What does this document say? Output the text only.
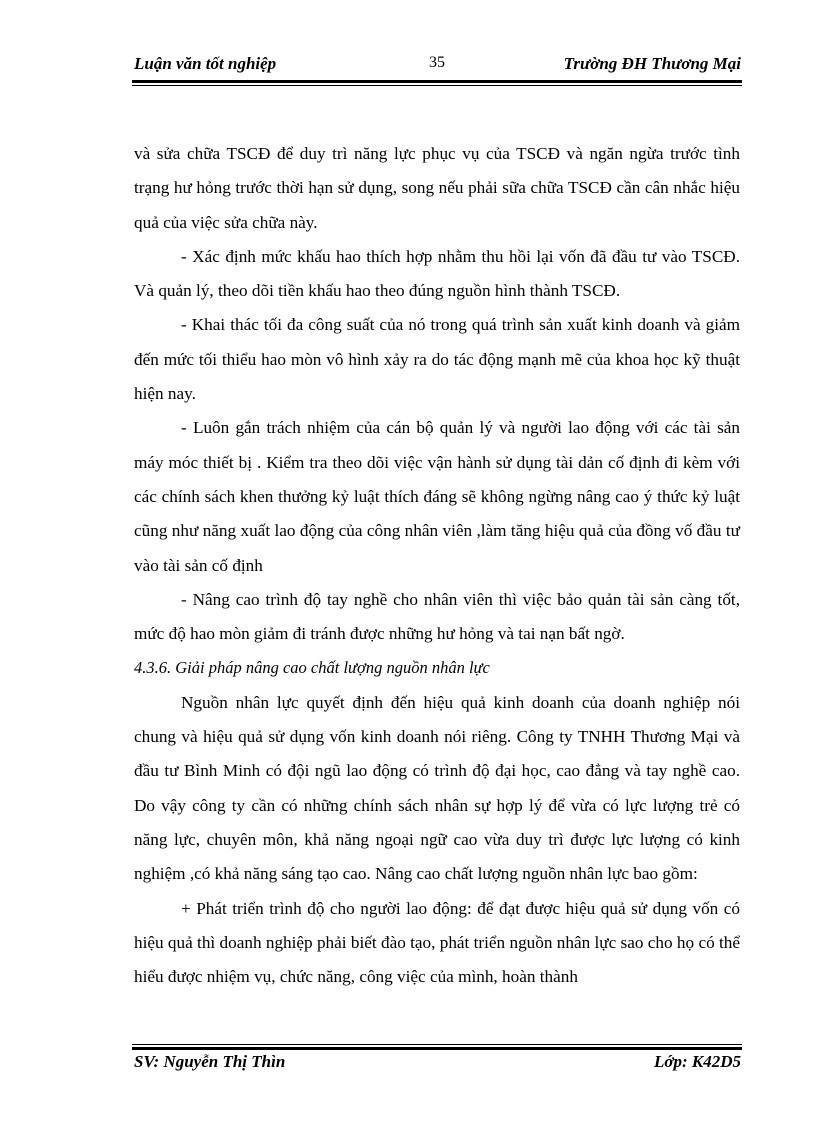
Luận văn tốt nghiệp	35	Trường ĐH Thương Mại

và sửa chữa TSCĐ để duy trì năng lực phục vụ của TSCĐ và ngăn ngừa trước tình trạng hư hỏng trước thời hạn sử dụng, song nếu phải sữa chữa TSCĐ cần cân nhắc hiệu quả của việc sửa chữa này.

- Xác định mức khấu hao thích hợp nhằm thu hồi lại vốn đã đầu tư vào TSCĐ. Và quản lý, theo dõi tiền khấu hao theo đúng nguồn hình thành TSCĐ.

- Khai thác tối đa công suất của nó trong quá trình sản xuất kinh doanh và giảm đến mức tối thiểu hao mòn vô hình xảy ra do tác động mạnh mẽ của khoa học kỹ thuật hiện nay.

- Luôn gắn trách nhiệm của cán bộ quản lý và người lao động với các tài sản máy móc thiết bị . Kiểm tra theo dõi việc vận hành sử dụng tài dản cố định đi kèm với các chính sách khen thưởng kỷ luật thích đáng sẽ không ngừng nâng cao ý thức kỷ luật cũng như năng xuất lao động của công nhân viên ,làm tăng hiệu quả của đồng vố đầu tư vào tài sản cố định

- Nâng cao trình độ tay nghề cho nhân viên thì việc bảo quản tài sản càng tốt, mức độ hao mòn giảm đi tránh được những hư hỏng và tai nạn bất ngờ.

4.3.6. Giải pháp nâng cao chất lượng nguồn nhân lực

Nguồn nhân lực quyết định đến hiệu quả kinh doanh của doanh nghiệp nói chung và hiệu quả sử dụng vốn kinh doanh nói riêng. Công ty TNHH Thương Mại và đầu tư Bình Minh có đội ngũ lao động có trình độ đại học, cao đẳng và tay nghề cao. Do vậy công ty cần có những chính sách nhân sự hợp lý để vừa có lực lượng trẻ có năng lực, chuyên môn, khả năng ngoại ngữ cao vừa duy trì được lực lượng có kinh nghiệm ,có khả năng sáng tạo cao. Nâng cao chất lượng nguồn nhân lực bao gồm:

+ Phát triển trình độ cho người lao động: để đạt được hiệu quả sử dụng vốn có hiệu quả thì doanh nghiệp phải biết đào tạo, phát triển nguồn nhân lực sao cho họ có thể hiểu được nhiệm vụ, chức năng, công việc của mình, hoàn thành

SV: Nguyễn Thị Thìn	Lớp: K42D5
